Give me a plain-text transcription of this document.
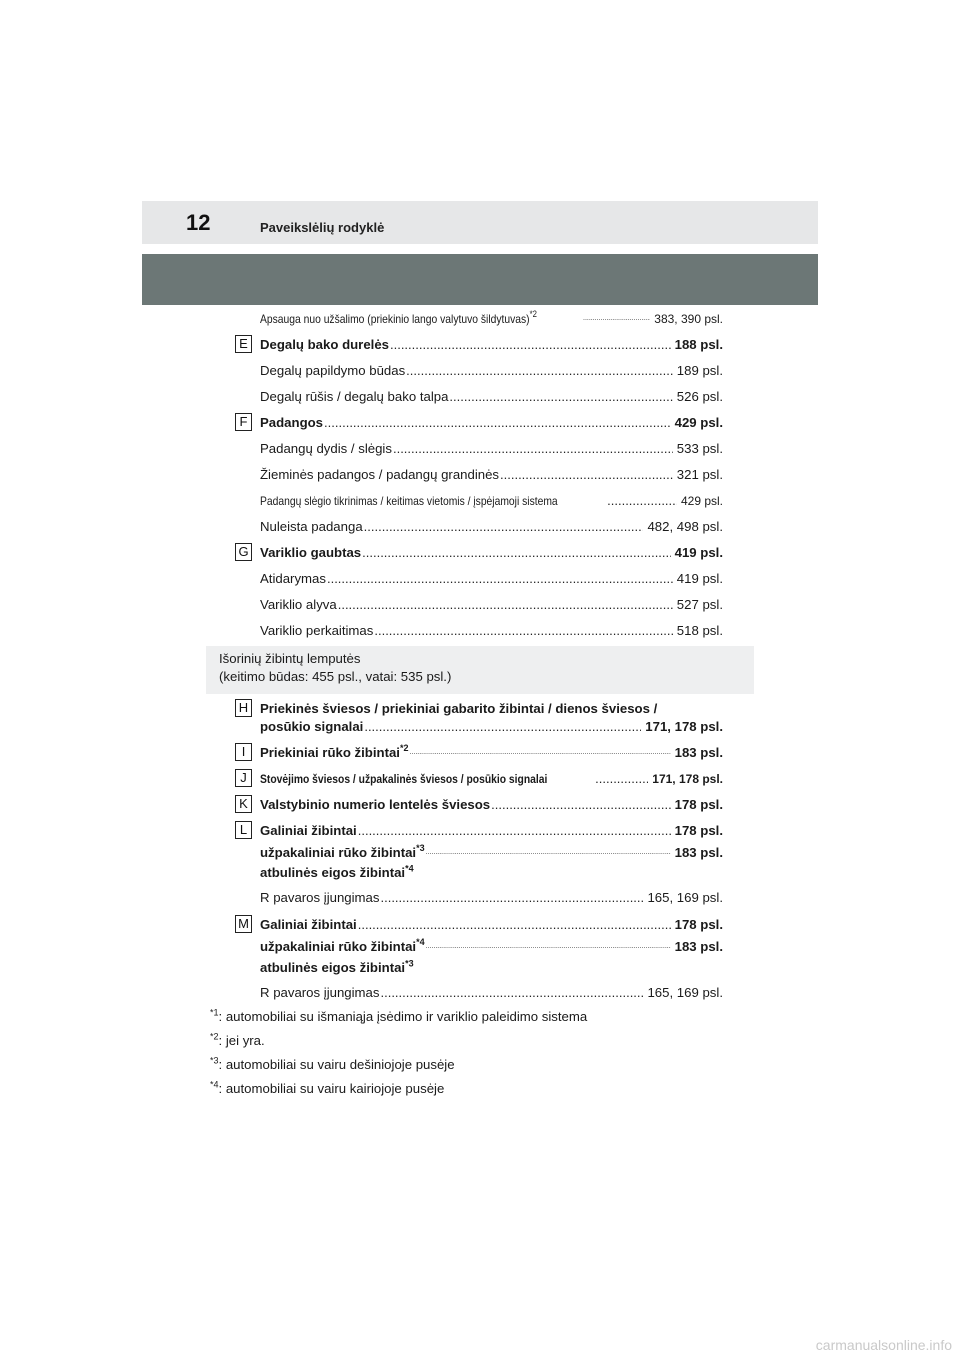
12	Paveikslėlių rodyklė
Apsauga nuo užšalimo (priekinio lango valytuvo šildytuvas)$^{*2}$ .....	383, 390 psl.
E Degalų bako durelės .....	188 psl.
Degalų papildymo būdas .....	189 psl.
Degalų rūšis / degalų bako talpa .....	526 psl.
F Padangos .....	429 psl.
Padangų dydis / slėgis .....	533 psl.
Žieminės padangos / padangų grandinės .....	321 psl.
Padangų slėgio tikrinimas / keitimas vietomis / įspėjamoji sistema .....	429 psl.
Nuleista padanga .....	482, 498 psl.
G Variklio gaubtas .....	419 psl.
Atidarymas .....	419 psl.
Variklio alyva .....	527 psl.
Variklio perkaitimas .....	518 psl.
Išorinių žibintų lemputės
(keitimo būdas: 455 psl., vatai: 535 psl.)
H Priekinės šviesos / priekiniai gabarito žibintai / dienos šviesos /
posūkio signalai .....	171, 178 psl.
I	Priekiniai rūko žibintai$^{*2}$ .....	183 psl.
J	Stovėjimo šviesos / užpakalinės šviesos / posūkio signalai .....	171, 178 psl.
K Valstybinio numerio lentelės šviesos .....	178 psl.
L Galiniai žibintai .....	178 psl.
užpakaliniai rūko žibintai$^{*3}$ .....	183 psl.
atbulinės eigos žibintai$^{*4}$
R pavaros įjungimas .....	165, 169 psl.
M Galiniai žibintai .....	178 psl.
užpakaliniai rūko žibintai$^{*4}$ .....	183 psl.
atbulinės eigos žibintai$^{*3}$
R pavaros įjungimas .....	165, 169 psl.
$^{*1}$: automobiliai su išmaniąja įsėdimo ir variklio paleidimo sistema
$^{*2}$: jei yra.
$^{*3}$: automobiliai su vairu dešiniojoje pusėje
$^{*4}$: automobiliai su vairu kairiojoje pusėje
carmanualsonline.info
